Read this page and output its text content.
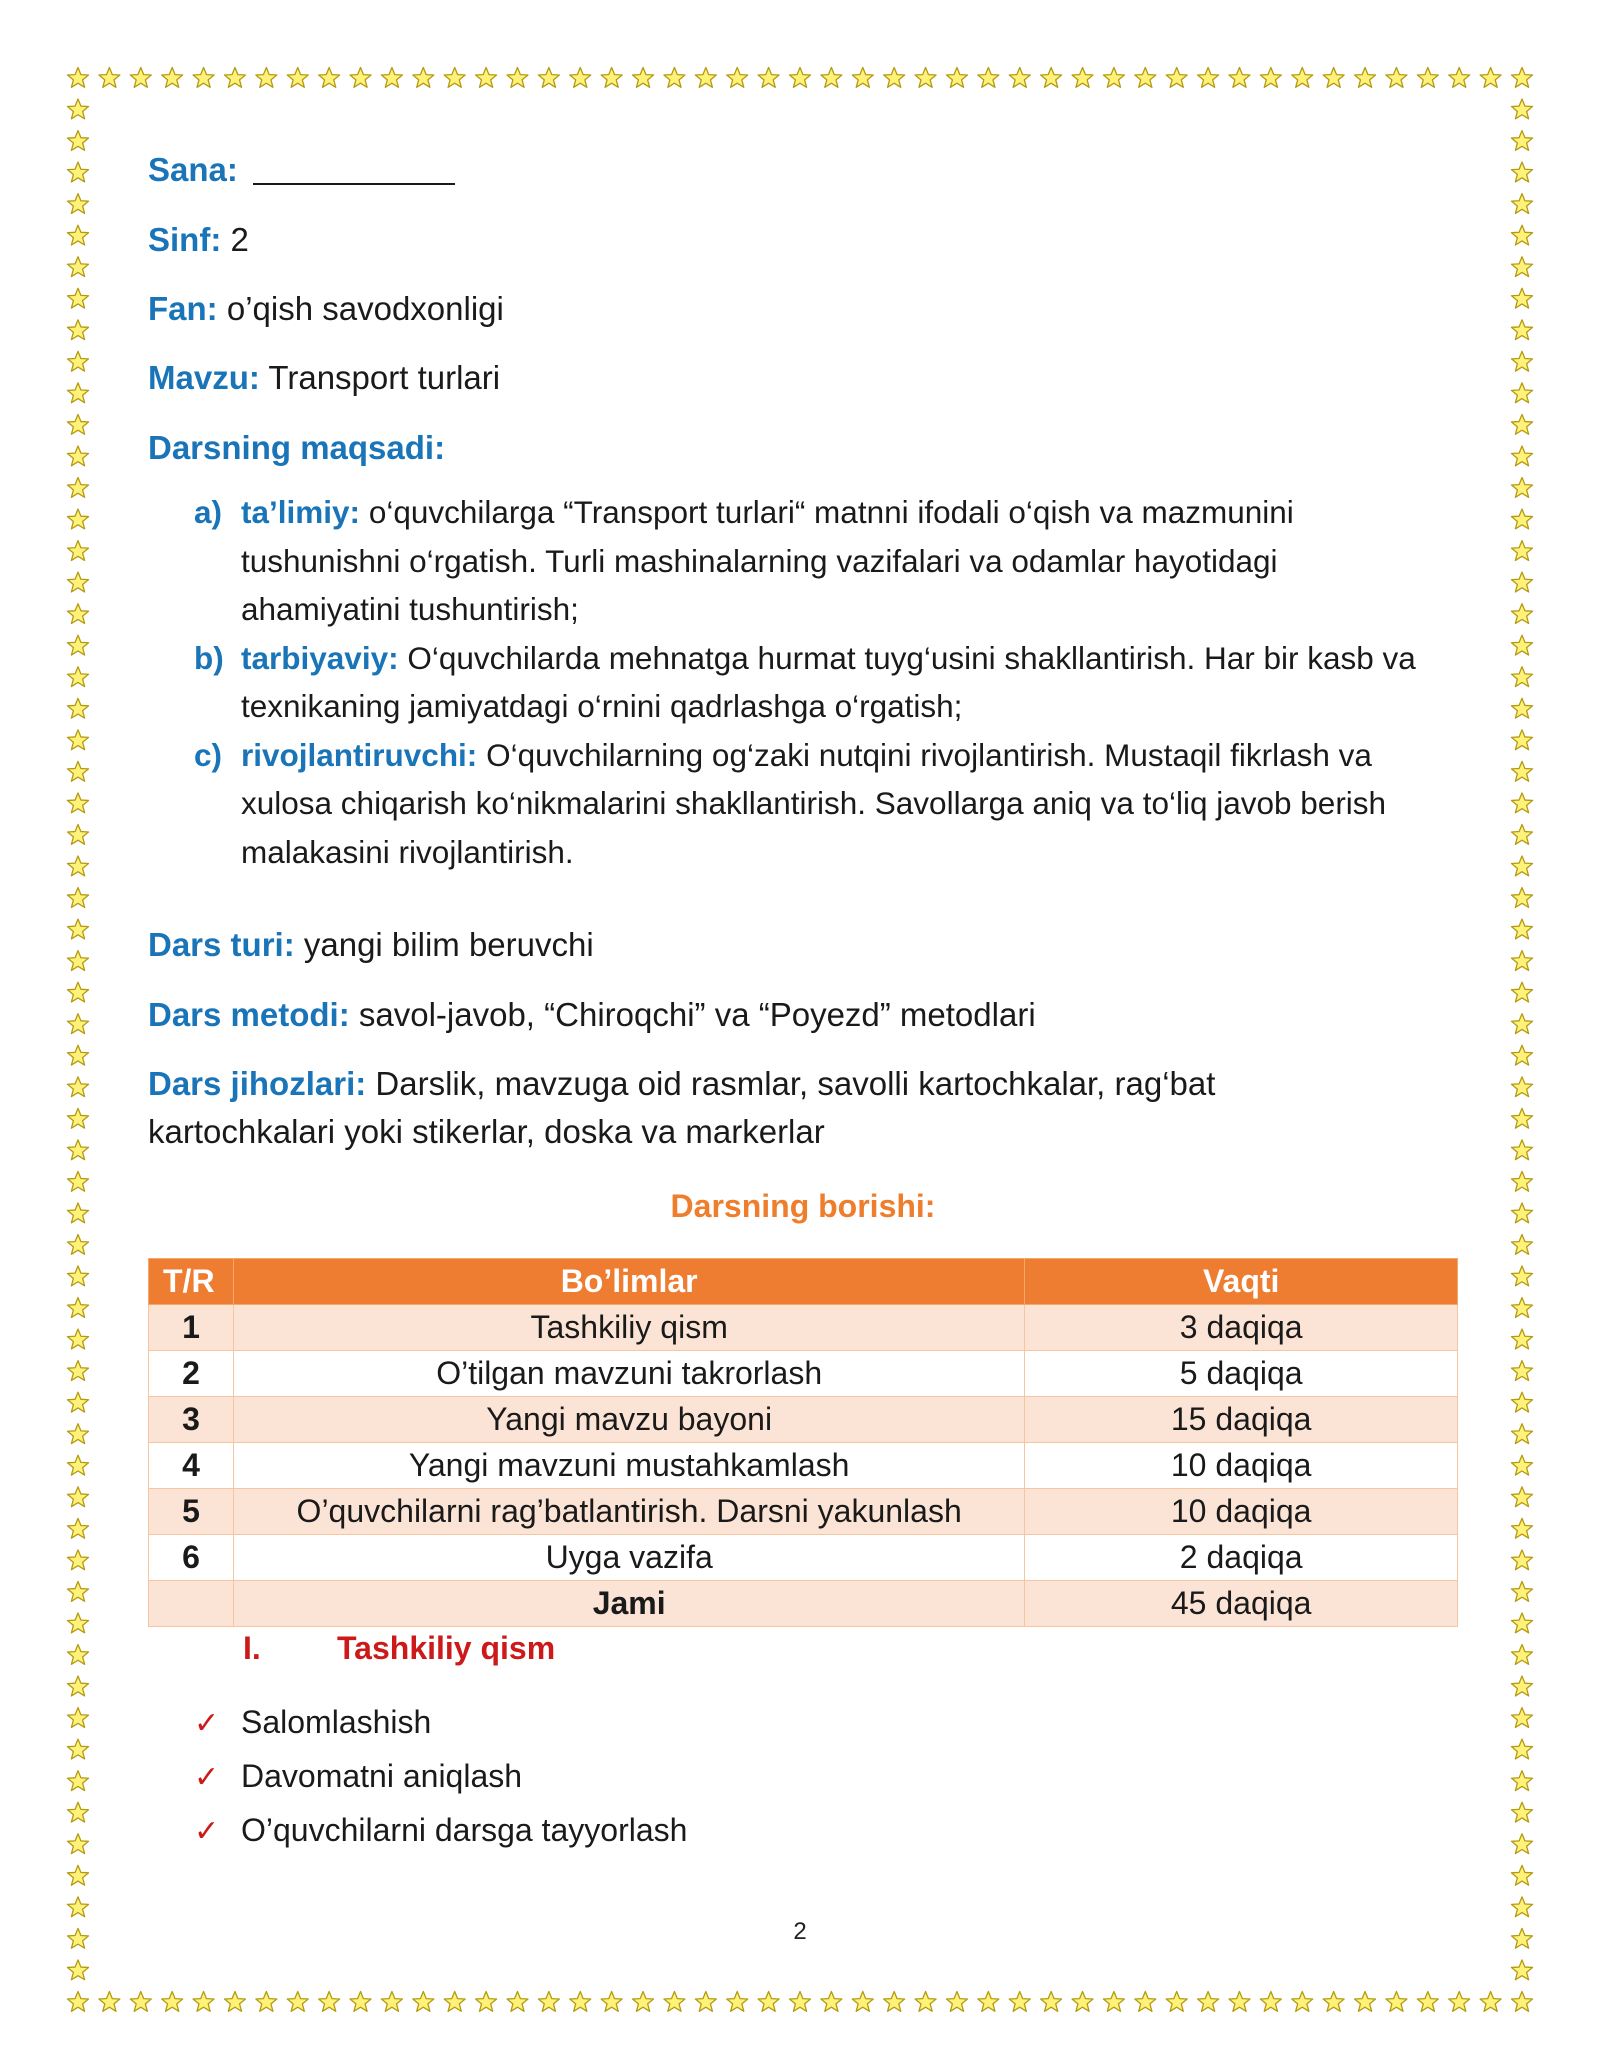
Sana:
Sinf: 2
Fan: o’qish savodxonligi
Mavzu: Transport turlari
Darsning maqsadi:
a) ta’limiy: o‘quvchilarga “Transport turlari“ matnni ifodali o‘qish va mazmunini tushunishni o‘rgatish. Turli mashinalarning vazifalari va odamlar hayotidagi ahamiyatini tushuntirish;
b) tarbiyaviy: O‘quvchilarda mehnatga hurmat tuyg‘usini shakllantirish. Har bir kasb va texnikaning jamiyatdagi o‘rnini qadrlashga o‘rgatish;
c) rivojlantiruvchi: O‘quvchilarning og‘zaki nutqini rivojlantirish. Mustaqil fikrlash va xulosa chiqarish ko‘nikmalarini shakllantirish. Savollarga aniq va to‘liq javob berish malakasini rivojlantirish.
Dars turi: yangi bilim beruvchi
Dars metodi: savol-javob, “Chiroqchi” va “Poyezd” metodlari
Dars jihozlari: Darslik, mavzuga oid rasmlar, savolli kartochkalar, rag‘bat
kartochkalari yoki stikerlar, doska va markerlar
Darsning borishi:
T/R	Bo’limlar	Vaqti
1	Tashkiliy qism	3 daqiqa
2	O’tilgan mavzuni takrorlash	5 daqiqa
3	Yangi mavzu bayoni	15 daqiqa
4	Yangi mavzuni mustahkamlash	10 daqiqa
5	O’quvchilarni rag’batlantirish. Darsni yakunlash	10 daqiqa
6	Uyga vazifa	2 daqiqa
	Jami	45 daqiqa
I. Tashkiliy qism
✓ Salomlashish
✓ Davomatni aniqlash
✓ O’quvchilarni darsga tayyorlash
2
